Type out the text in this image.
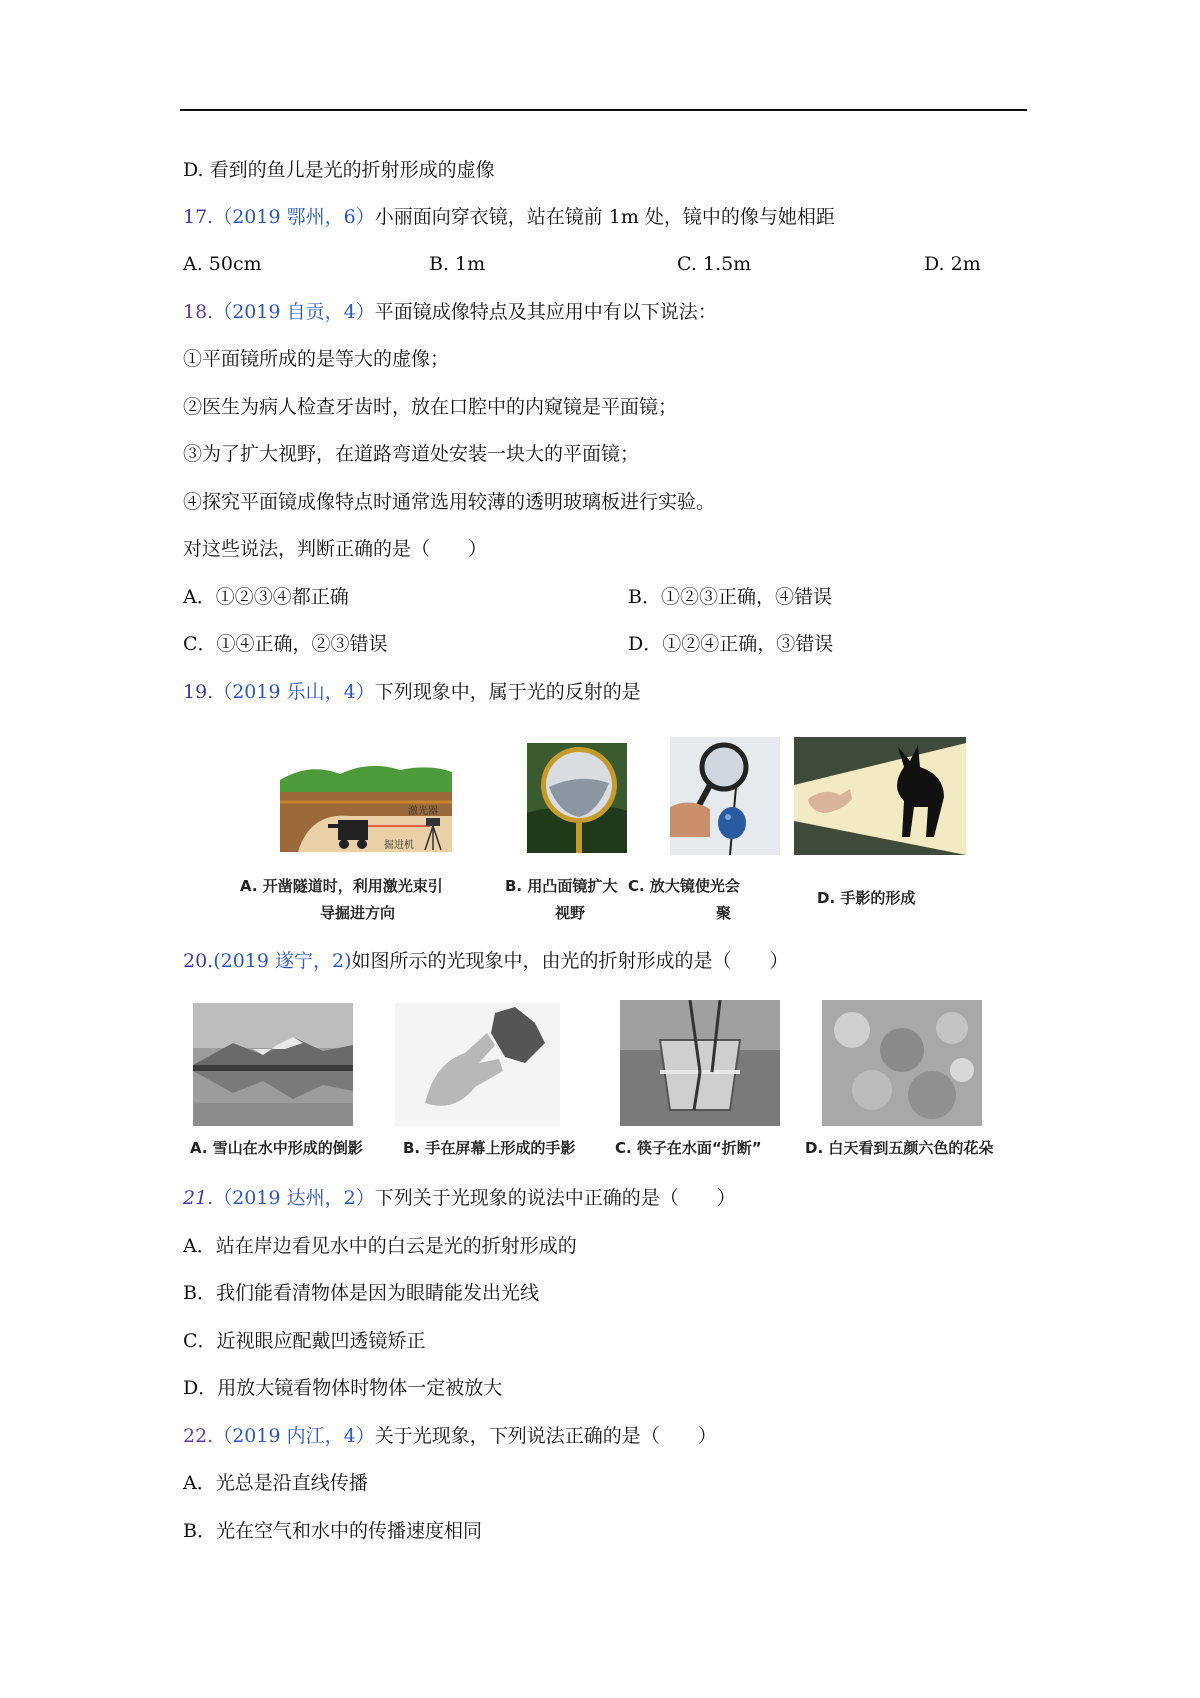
D. 看到的鱼儿是光的折射形成的虚像
17.（2019 鄂州，6）小丽面向穿衣镜，站在镜前 1m 处，镜中的像与她相距
A. 50cm	B. 1m	C. 1.5m	D. 2m
18.（2019 自贡，4）平面镜成像特点及其应用中有以下说法：
①平面镜所成的是等大的虚像；
②医生为病人检查牙齿时，放在口腔中的内窥镜是平面镜；
③为了扩大视野，在道路弯道处安装一块大的平面镜；
④探究平面镜成像特点时通常选用较薄的透明玻璃板进行实验。
对这些说法，判断正确的是（　　）
A．①②③④都正确	B．①②③正确，④错误
C．①④正确，②③错误	D．①②④正确，③错误
19.（2019 乐山，4）下列现象中，属于光的反射的是
激光器
掘进机
A. 开凿隧道时，利用激光束引
导掘进方向
B. 用凸面镜扩大
视野
C. 放大镜使光会
聚
D. 手影的形成
20.(2019 遂宁，2)如图所示的光现象中，由光的折射形成的是（　　）
A. 雪山在水中形成的倒影	B. 手在屏幕上形成的手影	C. 筷子在水面“折断”	D. 白天看到五颜六色的花朵
21.（2019 达州，2）下列关于光现象的说法中正确的是（　　）
A．站在岸边看见水中的白云是光的折射形成的
B．我们能看清物体是因为眼睛能发出光线
C．近视眼应配戴凹透镜矫正
D．用放大镜看物体时物体一定被放大
22.（2019 内江，4）关于光现象，下列说法正确的是（　　）
A．光总是沿直线传播
B．光在空气和水中的传播速度相同
